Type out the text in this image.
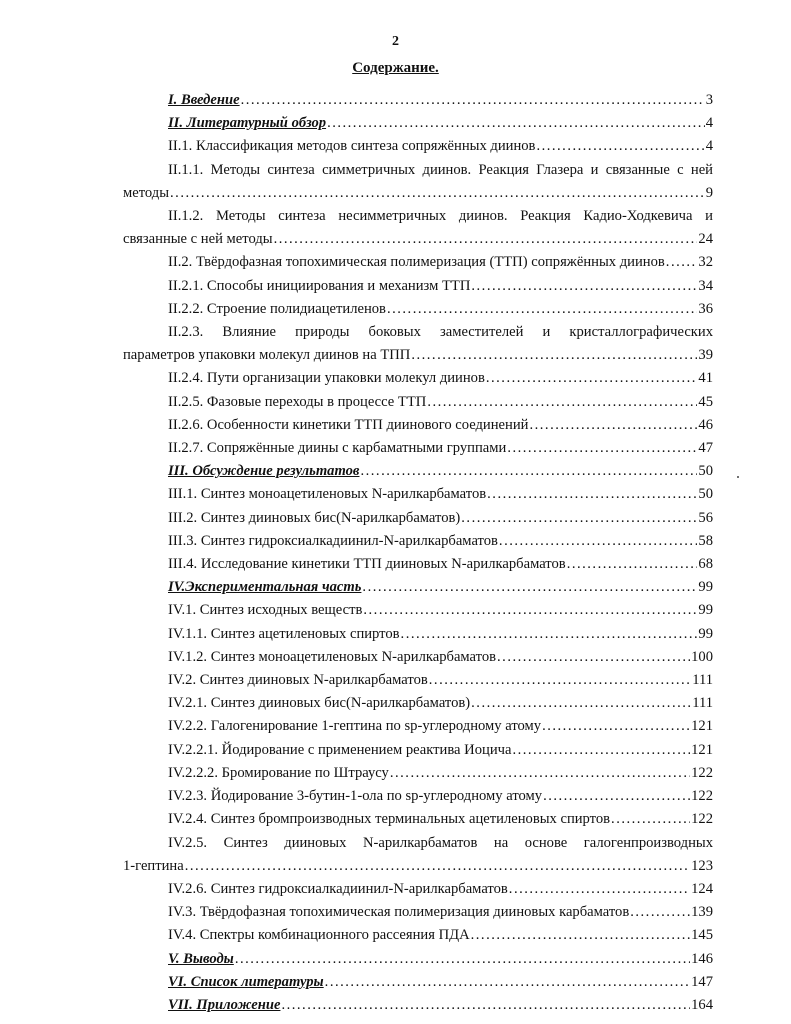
2
Содержание.
I. Введение .....	3
II. Литературный обзор .....	4
II.1. Классификация методов синтеза сопряжённых диинов .....	4
II.1.1. Методы синтеза симметричных диинов. Реакция Глазера и связанные с ней
методы .....	9
II.1.2. Методы синтеза несимметричных диинов. Реакция Кадио-Ходкевича и
связанные с ней методы .....	24
II.2. Твёрдофазная топохимическая полимеризация (ТТП) сопряжённых диинов ..... 32
II.2.1. Способы инициирования и механизм ТТП .....	34
II.2.2. Строение полидиацетиленов .....	36
II.2.3. Влияние природы боковых заместителей и кристаллографических
параметров упаковки молекул диинов на ТПП .....	39
II.2.4. Пути организации упаковки молекул диинов .....	41
II.2.5. Фазовые переходы в процессе ТТП .....	45
II.2.6. Особенности кинетики ТТП диинового соединений .....	46
II.2.7. Сопряжённые диины с карбаматными группами .....	47
III. Обсуждение результатов .....	50
III.1. Синтез моноацетиленовых N-арилкарбаматов .....	50
III.2. Синтез дииновых бис(N-арилкарбаматов) .....	56
III.3. Синтез гидроксиалкадиинил-N-арилкарбаматов .....	58
III.4. Исследование кинетики ТТП дииновых N-арилкарбаматов .....	68
IV.Экспериментальная часть .....	99
IV.1. Синтез исходных веществ .....	99
IV.1.1. Синтез ацетиленовых спиртов .....	99
IV.1.2. Синтез моноацетиленовых N-арилкарбаматов .....	100
IV.2. Синтез дииновых N-арилкарбаматов .....	111
IV.2.1. Синтез дииновых бис(N-арилкарбаматов) .....	111
IV.2.2. Галогенирование 1-гептина по sp-углеродному атому .....	121
IV.2.2.1. Йодирование с применением реактива Иоцича .....	121
IV.2.2.2. Бромирование по Штраусу .....	122
IV.2.3. Йодирование 3-бутин-1-ола по sp-углеродному атому .....	122
IV.2.4. Синтез бромпроизводных терминальных ацетиленовых спиртов .....	122
IV.2.5. Синтез дииновых N-арилкарбаматов на основе галогенпроизводных
1-гептина .....	123
IV.2.6. Синтез гидроксиалкадиинил-N-арилкарбаматов .....	124
IV.3. Твёрдофазная топохимическая полимеризация дииновых карбаматов .....	139
IV.4. Спектры комбинационного рассеяния ПДА .....	145
V. Выводы .....	146
VI. Список литературы .....	147
VII. Приложение .....	164
